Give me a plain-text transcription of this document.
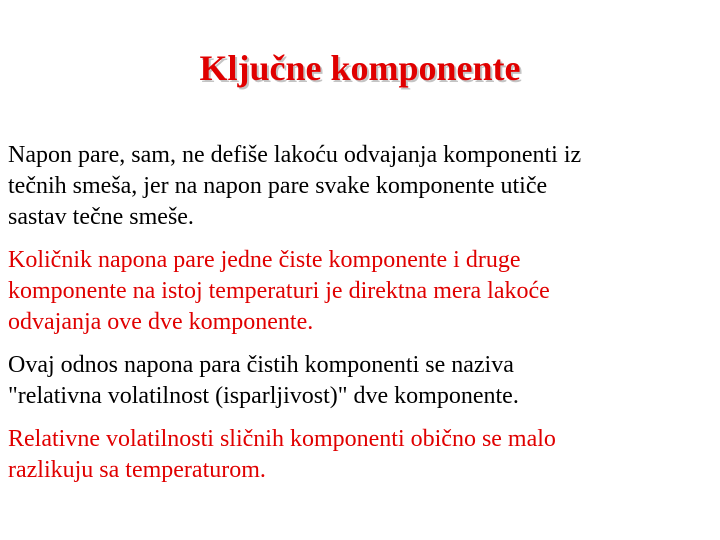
Ključne komponente

Napon pare, sam, ne defiše lakoću odvajanja komponenti iz
tečnih smeša, jer na napon pare svake komponente utiče
sastav tečne smeše.

Količnik napona pare jedne čiste komponente i druge
komponente na istoj temperaturi je direktna mera lakoće
odvajanja ove dve komponente.

Ovaj odnos napona para čistih komponenti se naziva
"relativna volatilnost (isparljivost)" dve komponente.

Relativne volatilnosti sličnih komponenti obično se malo
razlikuju sa temperaturom.
